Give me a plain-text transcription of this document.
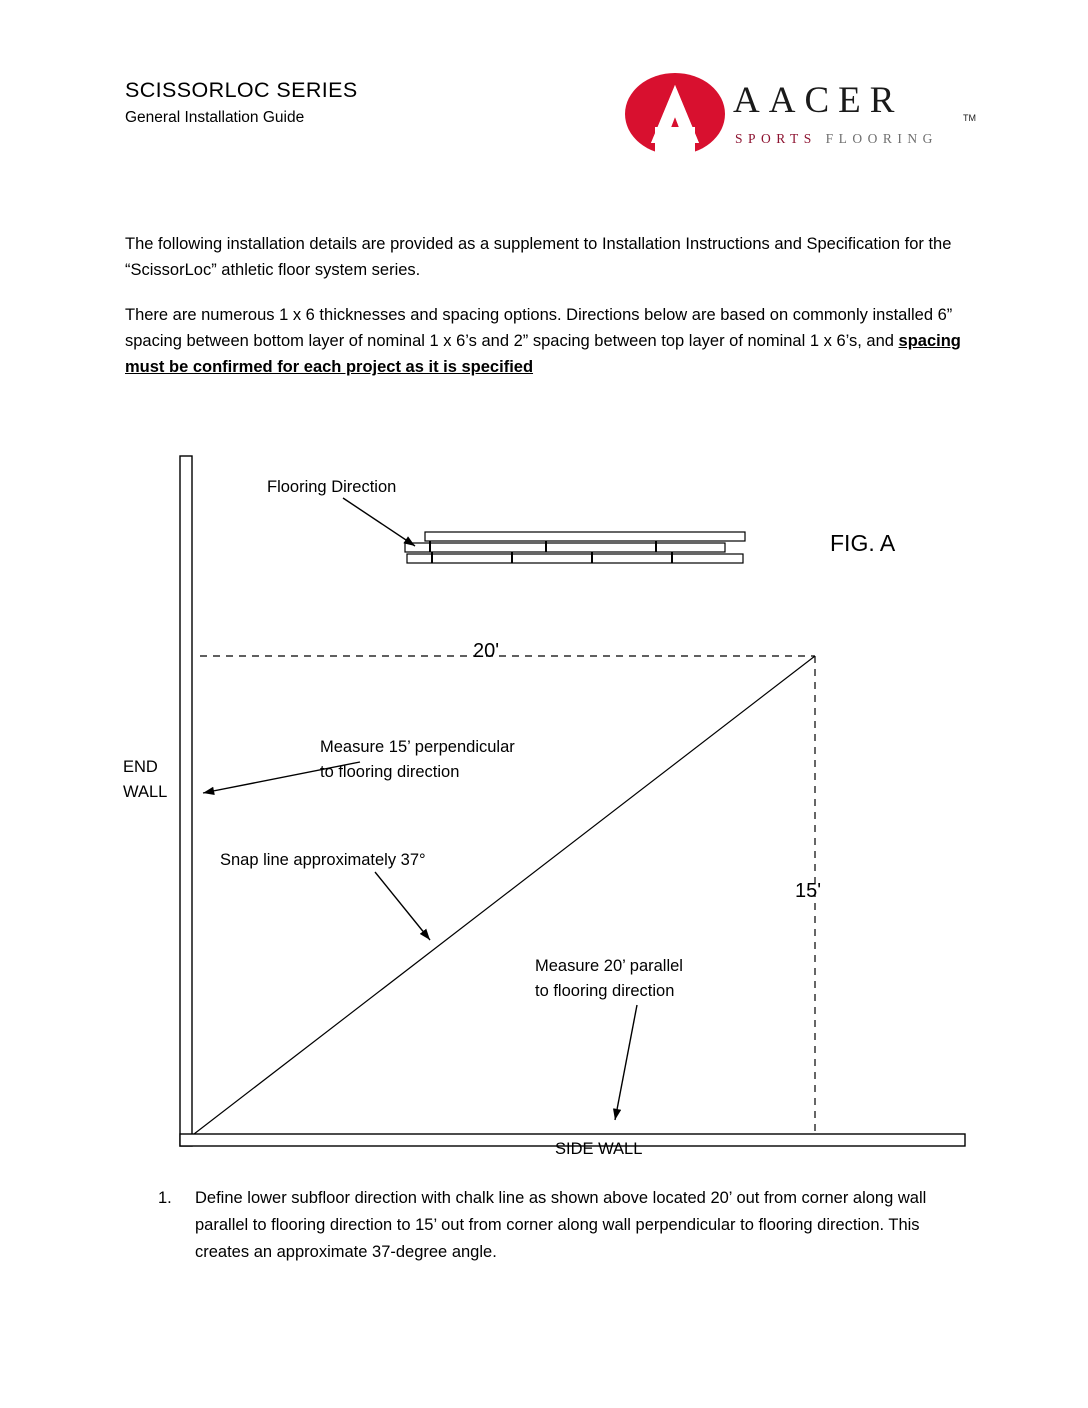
SCISSORLOC SERIES
General Installation Guide	AACER	TM
SPORTS FLOORING
The following installation details are provided as a supplement to Installation Instructions and Specification for the “ScissorLoc” athletic floor system series.
There are numerous 1 x 6 thicknesses and spacing options. Directions below are based on commonly installed 6” spacing between bottom layer of nominal 1 x 6’s and 2” spacing between top layer of nominal 1 x 6’s, and spacing must be confirmed for each project as it is specified
FIG. A
Flooring Direction
20'
15'
END
WALL
SIDE WALL
Measure 15’ perpendicular
to flooring direction
Snap line approximately 37°
Measure 20’ parallel
to flooring direction
1. Define lower subfloor direction with chalk line as shown above located 20’ out from corner along wall parallel to flooring direction to 15’ out from corner along wall perpendicular to flooring direction. This creates an approximate 37-degree angle.
